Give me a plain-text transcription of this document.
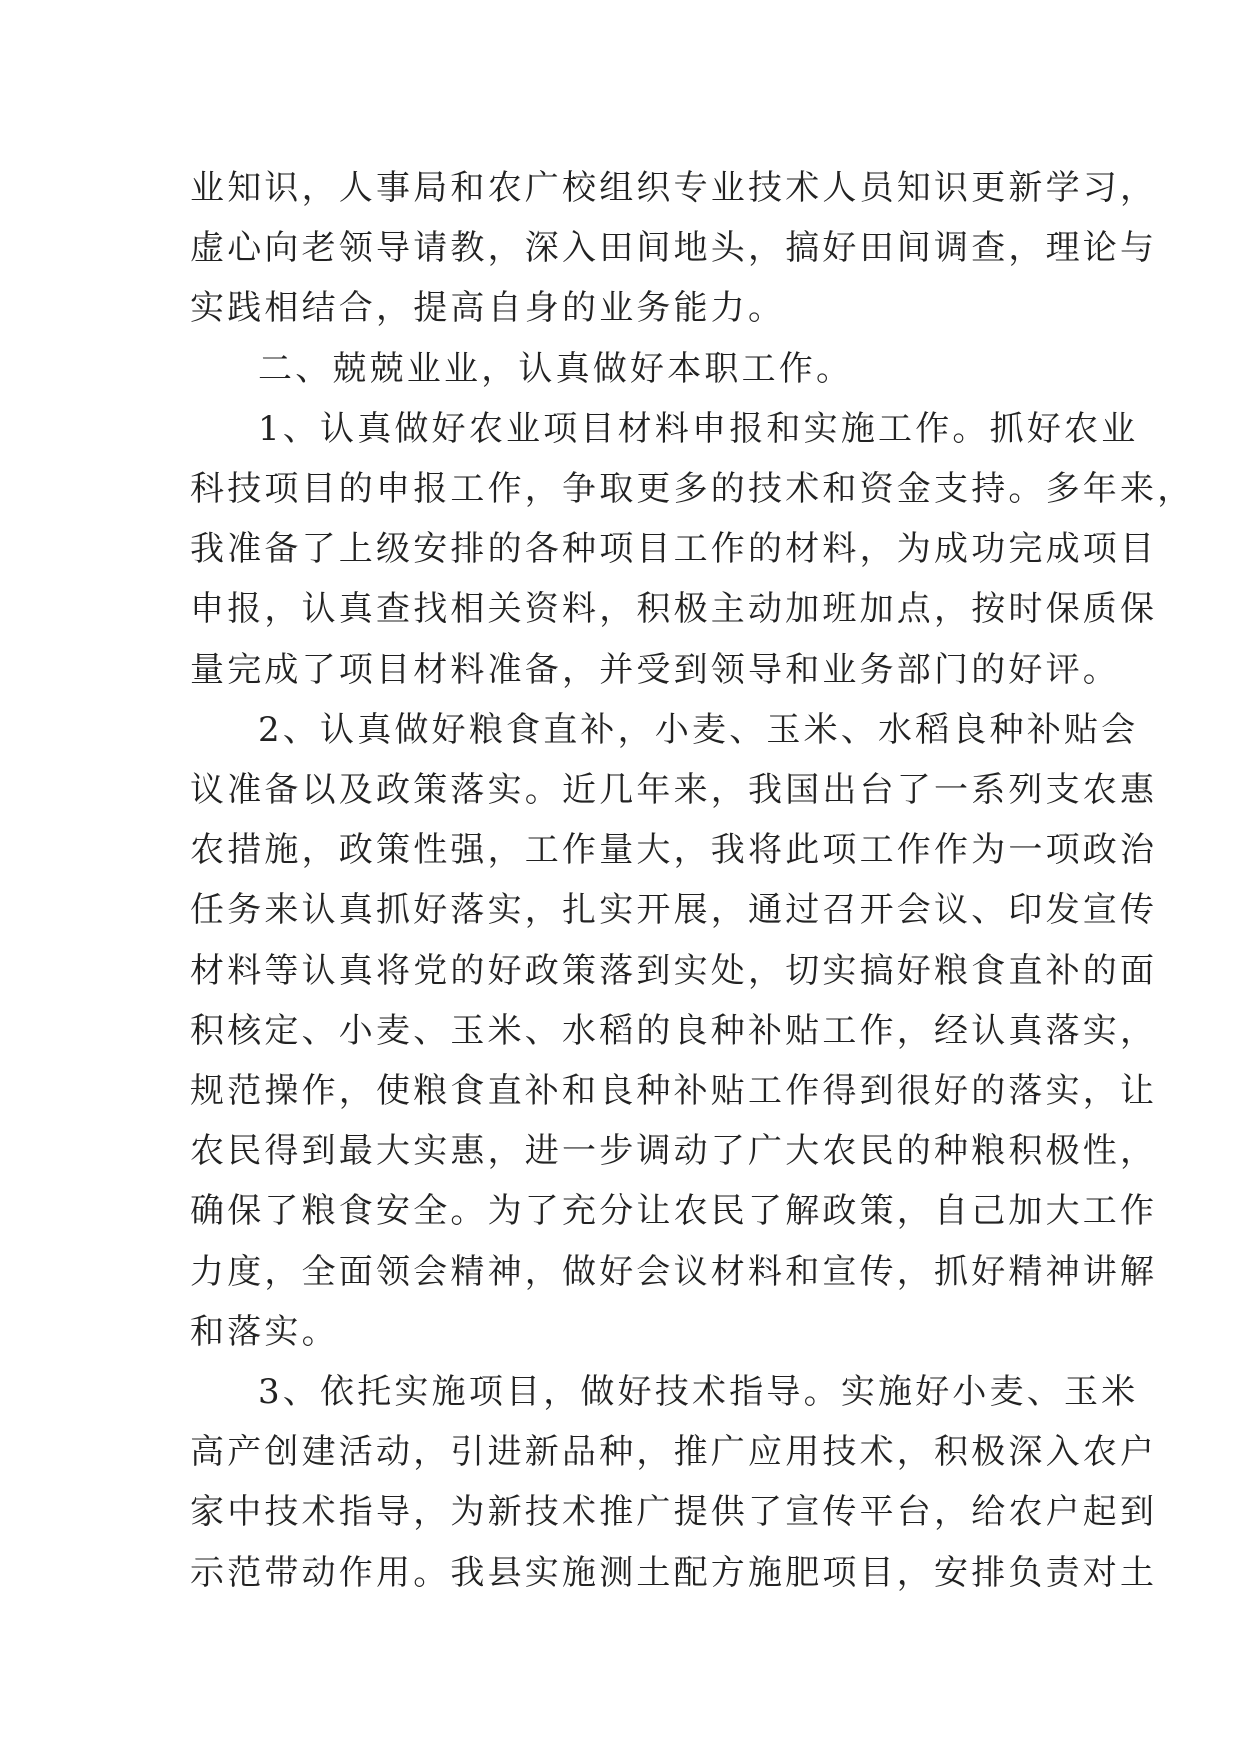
业知识，人事局和农广校组织专业技术人员知识更新学习，
虚心向老领导请教，深入田间地头，搞好田间调查，理论与
实践相结合，提高自身的业务能力。

二、兢兢业业，认真做好本职工作。

1、认真做好农业项目材料申报和实施工作。抓好农业

科技项目的申报工作，争取更多的技术和资金支持。多年来，
我准备了上级安排的各种项目工作的材料，为成功完成项目
申报，认真查找相关资料，积极主动加班加点，按时保质保
量完成了项目材料准备，并受到领导和业务部门的好评。

2、认真做好粮食直补，小麦、玉米、水稻良种补贴会

议准备以及政策落实。近几年来，我国出台了一系列支农惠
农措施，政策性强，工作量大，我将此项工作作为一项政治
任务来认真抓好落实，扎实开展，通过召开会议、印发宣传
材料等认真将党的好政策落到实处，切实搞好粮食直补的面
积核定、小麦、玉米、水稻的良种补贴工作，经认真落实，
规范操作，使粮食直补和良种补贴工作得到很好的落实，让
农民得到最大实惠，进一步调动了广大农民的种粮积极性，
确保了粮食安全。为了充分让农民了解政策，自己加大工作
力度，全面领会精神，做好会议材料和宣传，抓好精神讲解
和落实。

3、依托实施项目，做好技术指导。实施好小麦、玉米

高产创建活动，引进新品种，推广应用技术，积极深入农户
家中技术指导，为新技术推广提供了宣传平台，给农户起到
示范带动作用。我县实施测土配方施肥项目，安排负责对土
